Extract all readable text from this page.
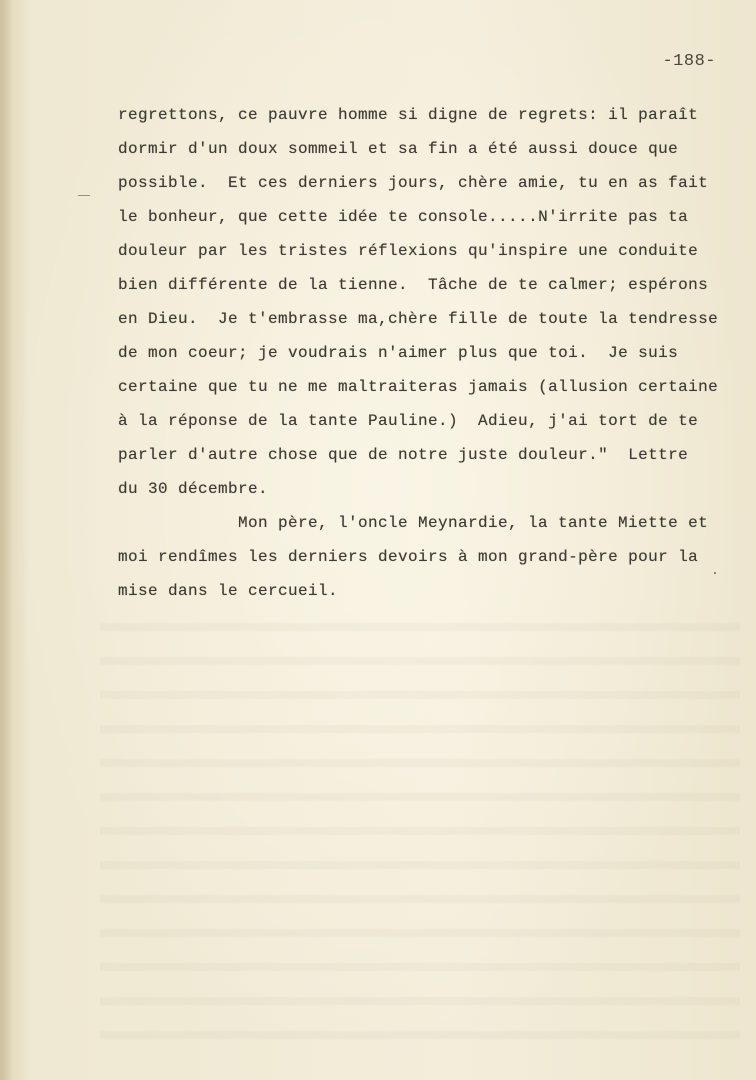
-188-
regrettons, ce pauvre homme si digne de regrets: il paraît
dormir d'un doux sommeil et sa fin a été aussi douce que
possible.  Et ces derniers jours, chère amie, tu en as fait
le bonheur, que cette idée te console.....N'irrite pas ta
douleur par les tristes réflexions qu'inspire une conduite
bien différente de la tienne.  Tâche de te calmer; espérons
en Dieu.  Je t'embrasse ma,chère fille de toute la tendresse
de mon coeur; je voudrais n'aimer plus que toi.  Je suis
certaine que tu ne me maltraiteras jamais (allusion certaine
à la réponse de la tante Pauline.)  Adieu, j'ai tort de te
parler d'autre chose que de notre juste douleur."  Lettre
du 30 décembre.
Mon père, l'oncle Meynardie, la tante Miette et
moi rendîmes les derniers devoirs à mon grand-père pour la
mise dans le cercueil.
